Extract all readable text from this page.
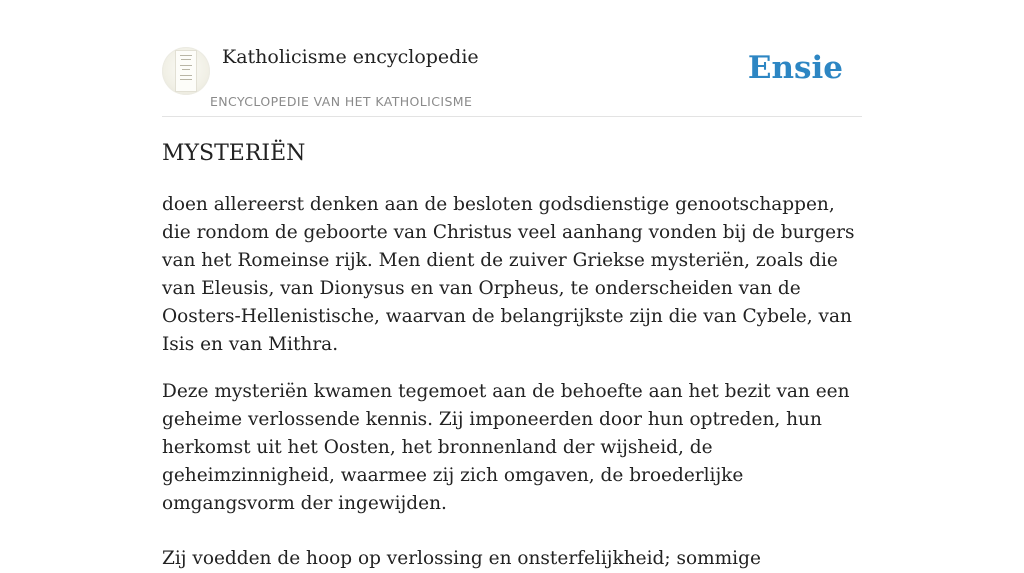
Katholicisme encyclopedie
ENCYCLOPEDIE VAN HET KATHOLICISME
Ensie
MYSTERIËN

doen allereerst denken aan de besloten godsdienstige genootschappen, die rondom de geboorte van Christus veel aanhang vonden bij de burgers van het Romeinse rijk. Men dient de zuiver Griekse mysteriën, zoals die van Eleusis, van Dionysus en van Orpheus, te onderscheiden van de Oosters-Hellenistische, waarvan de belangrijkste zijn die van Cybele, van Isis en van Mithra.

Deze mysteriën kwamen tegemoet aan de behoefte aan het bezit van een geheime verlossende kennis. Zij imponeerden door hun optreden, hun herkomst uit het Oosten, het bronnenland der wijsheid, de geheimzinnigheid, waarmee zij zich omgaven, de broederlijke omgangsvorm der ingewijden.

Zij voedden de hoop op verlossing en onsterfelijkheid; sommige
